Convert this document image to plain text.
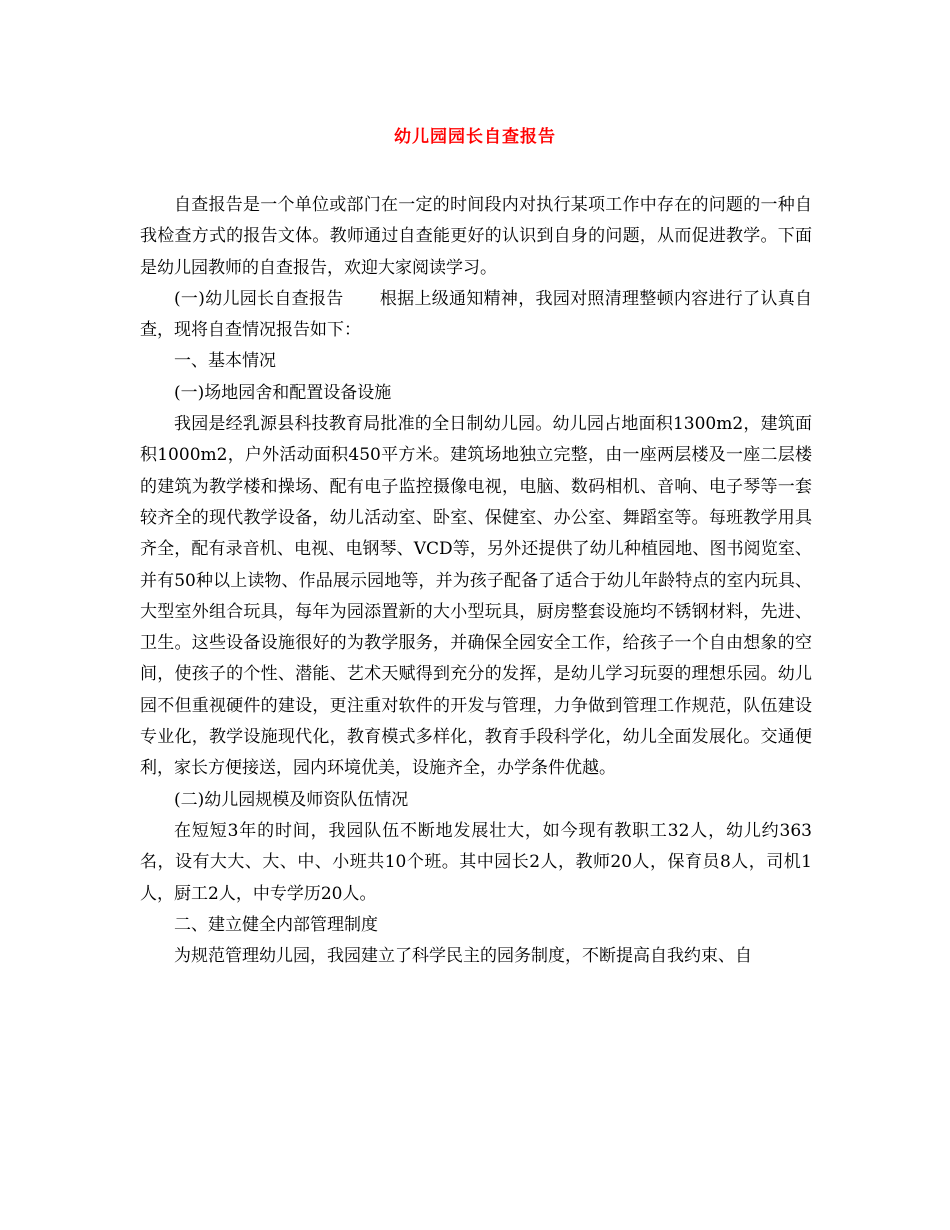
幼儿园园长自查报告

自查报告是一个单位或部门在一定的时间段内对执行某项工作中存在的问题的一种自我检查方式的报告文体。教师通过自查能更好的认识到自身的问题，从而促进教学。下面是幼儿园教师的自查报告，欢迎大家阅读学习。

(一)幼儿园长自查报告 根据上级通知精神，我园对照清理整顿内容进行了认真自查，现将自查情况报告如下：

一、基本情况

(一)场地园舍和配置设备设施

我园是经乳源县科技教育局批准的全日制幼儿园。幼儿园占地面积1300m2，建筑面积1000m2，户外活动面积450平方米。建筑场地独立完整，由一座两层楼及一座二层楼的建筑为教学楼和操场、配有电子监控摄像电视，电脑、数码相机、音响、电子琴等一套较齐全的现代教学设备，幼儿活动室、卧室、保健室、办公室、舞蹈室等。每班教学用具齐全，配有录音机、电视、电钢琴、VCD等，另外还提供了幼儿种植园地、图书阅览室、并有50种以上读物、作品展示园地等，并为孩子配备了适合于幼儿年龄特点的室内玩具、大型室外组合玩具，每年为园添置新的大小型玩具，厨房整套设施均不锈钢材料，先进、卫生。这些设备设施很好的为教学服务，并确保全园安全工作，给孩子一个自由想象的空间，使孩子的个性、潜能、艺术天赋得到充分的发挥，是幼儿学习玩耍的理想乐园。幼儿园不但重视硬件的建设，更注重对软件的开发与管理，力争做到管理工作规范，队伍建设专业化，教学设施现代化，教育模式多样化，教育手段科学化，幼儿全面发展化。交通便利，家长方便接送，园内环境优美，设施齐全，办学条件优越。

(二)幼儿园规模及师资队伍情况

在短短3年的时间，我园队伍不断地发展壮大，如今现有教职工32人，幼儿约363名，设有大大、大、中、小班共10个班。其中园长2人，教师20人，保育员8人，司机1人，厨工2人，中专学历20人。

二、建立健全内部管理制度

为规范管理幼儿园，我园建立了科学民主的园务制度，不断提高自我约束、自
